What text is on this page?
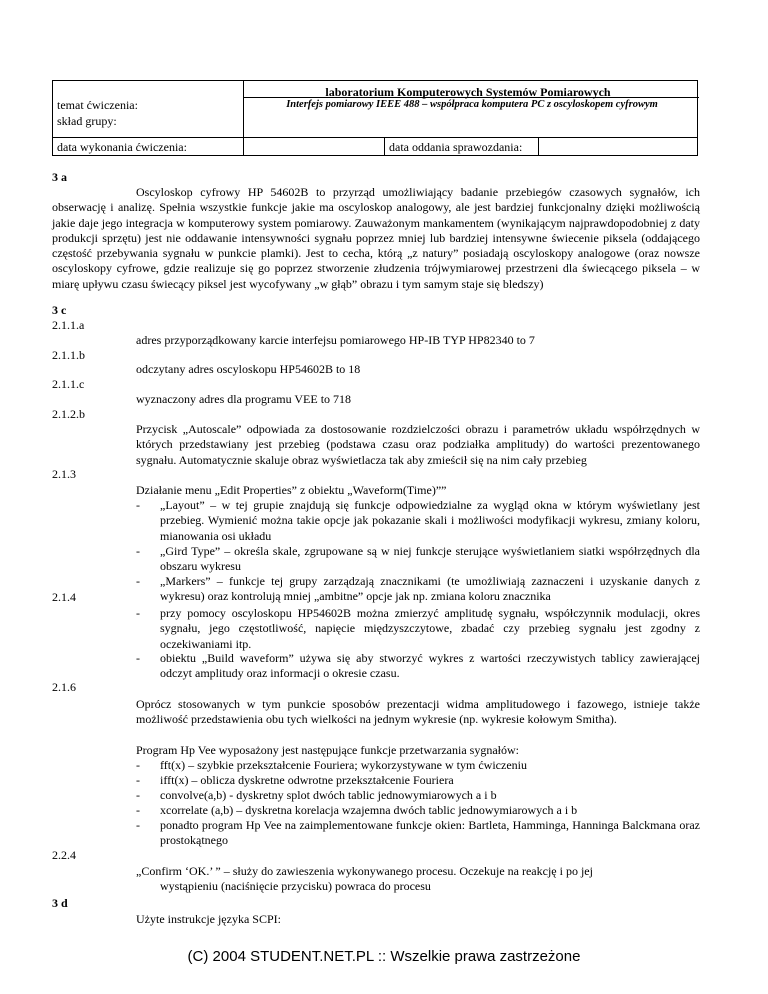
laboratorium Komputerowych Systemów Pomiarowych
Interfejs pomiarowy IEEE 488 – współpraca komputera PC z oscyloskopem cyfrowym
temat ćwiczenia:
skład grupy:
data wykonania ćwiczenia:	data oddania sprawozdania:
3 a
Oscyloskop cyfrowy HP 54602B to przyrząd umożliwiający badanie przebiegów czasowych sygnałów, ich obserwację i analizę. Spełnia wszystkie funkcje jakie ma oscyloskop analogowy, ale jest bardziej funkcjonalny dzięki możliwością jakie daje jego integracja w komputerowy system pomiarowy. Zauważonym mankamentem (wynikającym najprawdopodobniej z daty produkcji sprzętu) jest nie oddawanie intensywności sygnału poprzez mniej lub bardziej intensywne świecenie piksela (oddającego częstość przebywania sygnału w punkcie plamki). Jest to cecha, którą „z natury” posiadają oscyloskopy analogowe (oraz nowsze oscyloskopy cyfrowe, gdzie realizuje się go poprzez stworzenie złudzenia trójwymiarowej przestrzeni dla świecącego piksela – w miarę upływu czasu świecący piksel jest wycofywany „w głąb” obrazu i tym samym staje się bledszy)
3 c
2.1.1.a
adres przyporządkowany karcie interfejsu pomiarowego HP-IB TYP HP82340 to 7
2.1.1.b
odczytany adres oscyloskopu HP54602B to 18
2.1.1.c
wyznaczony adres dla programu VEE to 718
2.1.2.b
Przycisk „Autoscale” odpowiada za dostosowanie rozdzielczości obrazu i parametrów układu współrzędnych w których przedstawiany jest przebieg (podstawa czasu oraz podziałka amplitudy) do wartości prezentowanego sygnału. Automatycznie skaluje obraz wyświetlacza tak aby zmieścił się na nim cały przebieg
2.1.3
Działanie menu „Edit Properties” z obiektu „Waveform(Time)””
- „Layout” – w tej grupie znajdują się funkcje odpowiedzialne za wygląd okna w którym wyświetlany jest przebieg. Wymienić można takie opcje jak pokazanie skali i możliwości modyfikacji wykresu, zmiany koloru, mianowania osi układu
- „Gird Type” – określa skale, zgrupowane są w niej funkcje sterujące wyświetlaniem siatki współrzędnych dla obszaru wykresu
- „Markers” – funkcje tej grupy zarządzają znacznikami (te umożliwiają zaznaczeni i uzyskanie danych z wykresu) oraz kontrolują mniej „ambitne” opcje jak np. zmiana koloru znacznika
2.1.4
- przy pomocy oscyloskopu HP54602B można zmierzyć amplitudę sygnału, współczynnik modulacji, okres sygnału, jego częstotliwość, napięcie międzyszczytowe, zbadać czy przebieg sygnału jest zgodny z oczekiwaniami itp.
- obiektu „Build waveform” używa się aby stworzyć wykres z wartości rzeczywistych tablicy zawierającej odczyt amplitudy oraz informacji o okresie czasu.
2.1.6
Oprócz stosowanych w tym punkcie sposobów prezentacji widma amplitudowego i fazowego, istnieje także możliwość przedstawienia obu tych wielkości na jednym wykresie (np. wykresie kołowym Smitha).
Program Hp Vee wyposażony jest następujące funkcje przetwarzania sygnałów:
- fft(x) – szybkie przekształcenie Fouriera; wykorzystywane w tym ćwiczeniu
- ifft(x) – oblicza dyskretne odwrotne przekształcenie Fouriera
- convolve(a,b) - dyskretny splot dwóch tablic jednowymiarowych a i b
- xcorrelate (a,b) – dyskretna korelacja wzajemna dwóch tablic jednowymiarowych a i b
- ponadto program Hp Vee na zaimplementowane funkcje okien: Bartleta, Hamminga, Hanninga Balckmana oraz prostokątnego
2.2.4
„Confirm ‘OK.’ ” – służy do zawieszenia wykonywanego procesu. Oczekuje na reakcję i po jej
wystąpieniu (naciśnięcie przycisku) powraca do procesu
3 d
Użyte instrukcje języka SCPI:
(C) 2004 STUDENT.NET.PL :: Wszelkie prawa zastrzeżone
